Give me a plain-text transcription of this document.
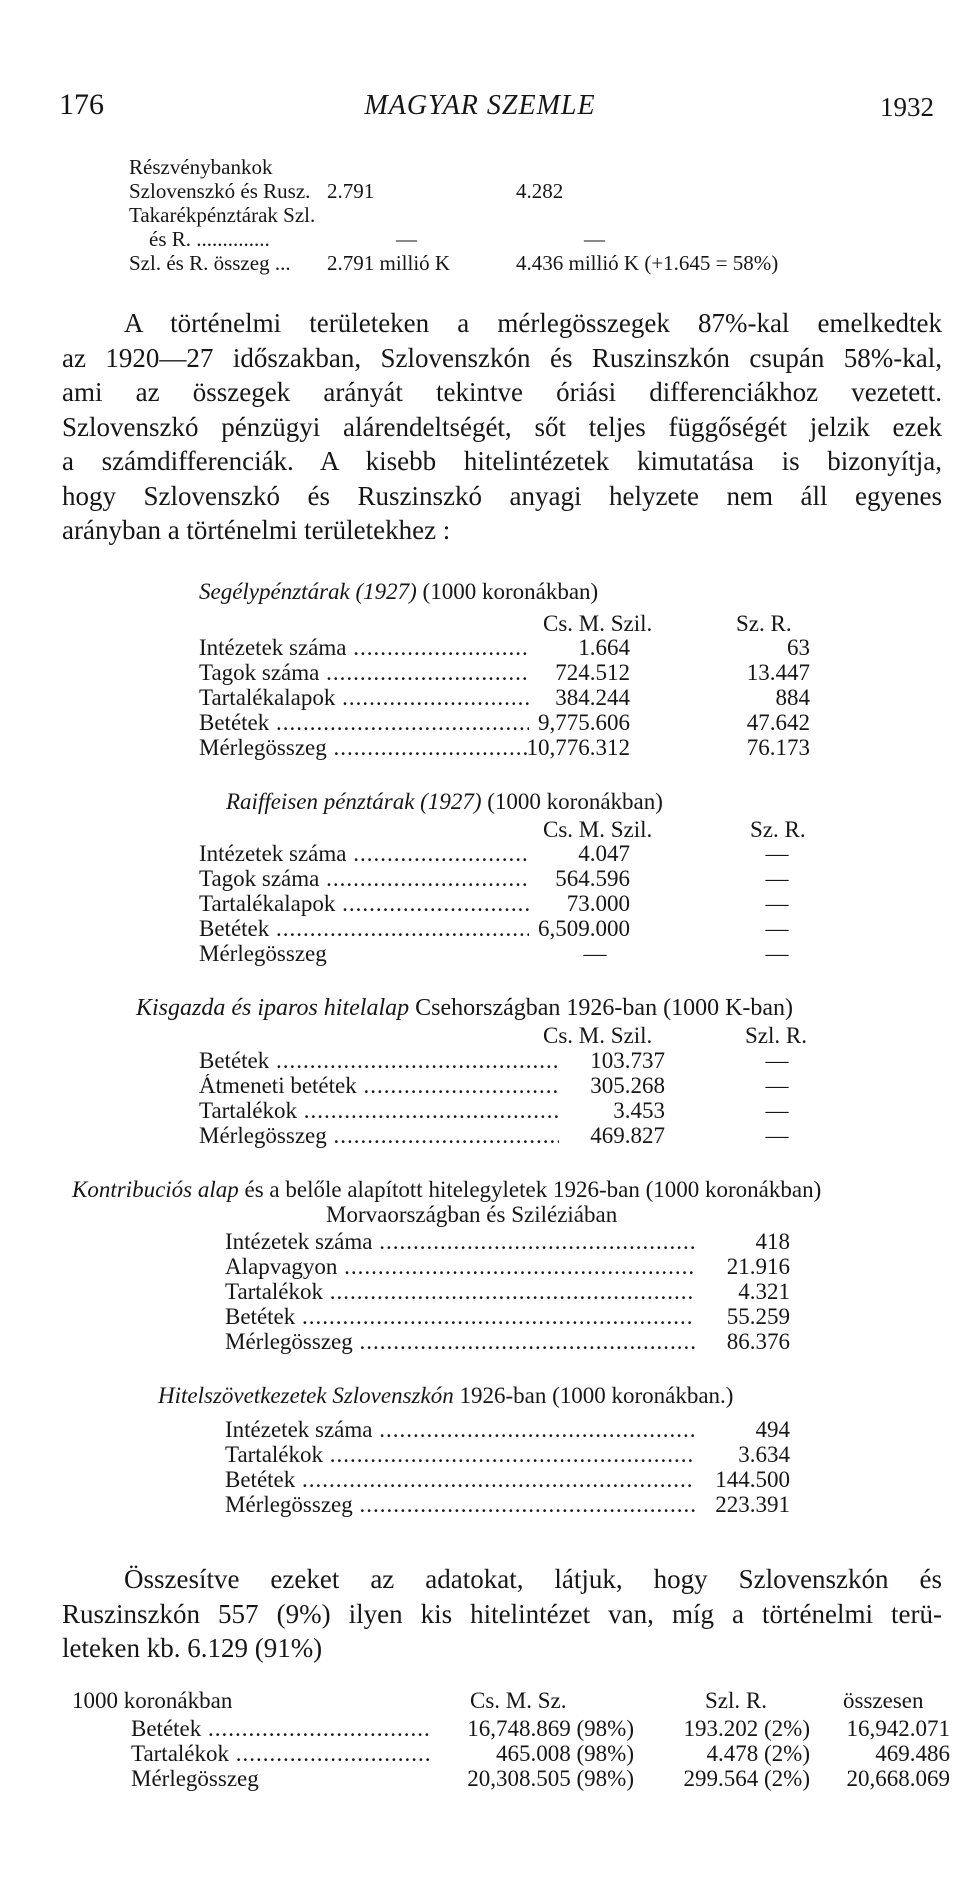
176	MAGYAR SZEMLE	1932
Részvénybankok
Szlovenszkó és Rusz. 2.791	4.282
Takarékpénztárak Szl.
és R. ..............	—	—
Szl. és R. összeg ... 2.791 millió K	4.436 millió K (+1.645 = 58%)
A történelmi területeken a mérlegösszegek 87%-kal emelkedtek
az 1920—27 időszakban, Szlovenszkón és Ruszinszkón csupán 58%-kal,
ami az összegek arányát tekintve óriási differenciákhoz vezetett.
Szlovenszkó pénzügyi alárendeltségét, sőt teljes függőségét jelzik ezek
a számdifferenciák. A kisebb hitelintézetek kimutatása is bizonyítja,
hogy Szlovenszkó és Ruszinszkó anyagi helyzete nem áll egyenes
arányban a történelmi területekhez :
Segélypénztárak (1927) (1000 koronákban)
Cs. M. Szil.	Sz. R.
Intézetek száma .....	1.664	63
Tagok száma .....	724.512	13.447
Tartalékalapok .....	384.244	884
Betétek .....	9,775.606	47.642
Mérlegösszeg .....	10,776.312	76.173
Raiffeisen pénztárak (1927) (1000 koronákban)
Cs. M. Szil.	Sz. R.
Intézetek száma .....	4.047	—
Tagok száma .....	564.596	—
Tartalékalapok .....	73.000	—
Betétek .....	6,509.000	—
Mérlegösszeg	—	—
Kisgazda és iparos hitelalap Csehországban 1926-ban (1000 K-ban)
Cs. M. Szil.	Szl. R.
Betétek .....	103.737	—
Átmeneti betétek .....	305.268	—
Tartalékok .....	3.453	—
Mérlegösszeg .....	469.827	—
Kontribuciós alap és a belőle alapított hitelegyletek 1926-ban (1000 koronákban)
Morvaországban és Sziléziában
Intézetek száma .....	418
Alapvagyon .....	21.916
Tartalékok .....	4.321
Betétek .....	55.259
Mérlegösszeg .....	86.376
Hitelszövetkezetek Szlovenszkón 1926-ban (1000 koronákban.)
Intézetek száma .....	494
Tartalékok .....	3.634
Betétek .....	144.500
Mérlegösszeg .....	223.391
Összesítve ezeket az adatokat, látjuk, hogy Szlovenszkón és
Ruszinszkón 557 (9%) ilyen kis hitelintézet van, míg a történelmi terü-
leteken kb. 6.129 (91%)
1000 koronákban	Cs. M. Sz.	Szl. R.	összesen
Betétek .....	16,748.869 (98%)	193.202 (2%)	16,942.071
Tartalékok .....	465.008 (98%)	4.478 (2%)	469.486
Mérlegösszeg	20,308.505 (98%)	299.564 (2%)	20,668.069
